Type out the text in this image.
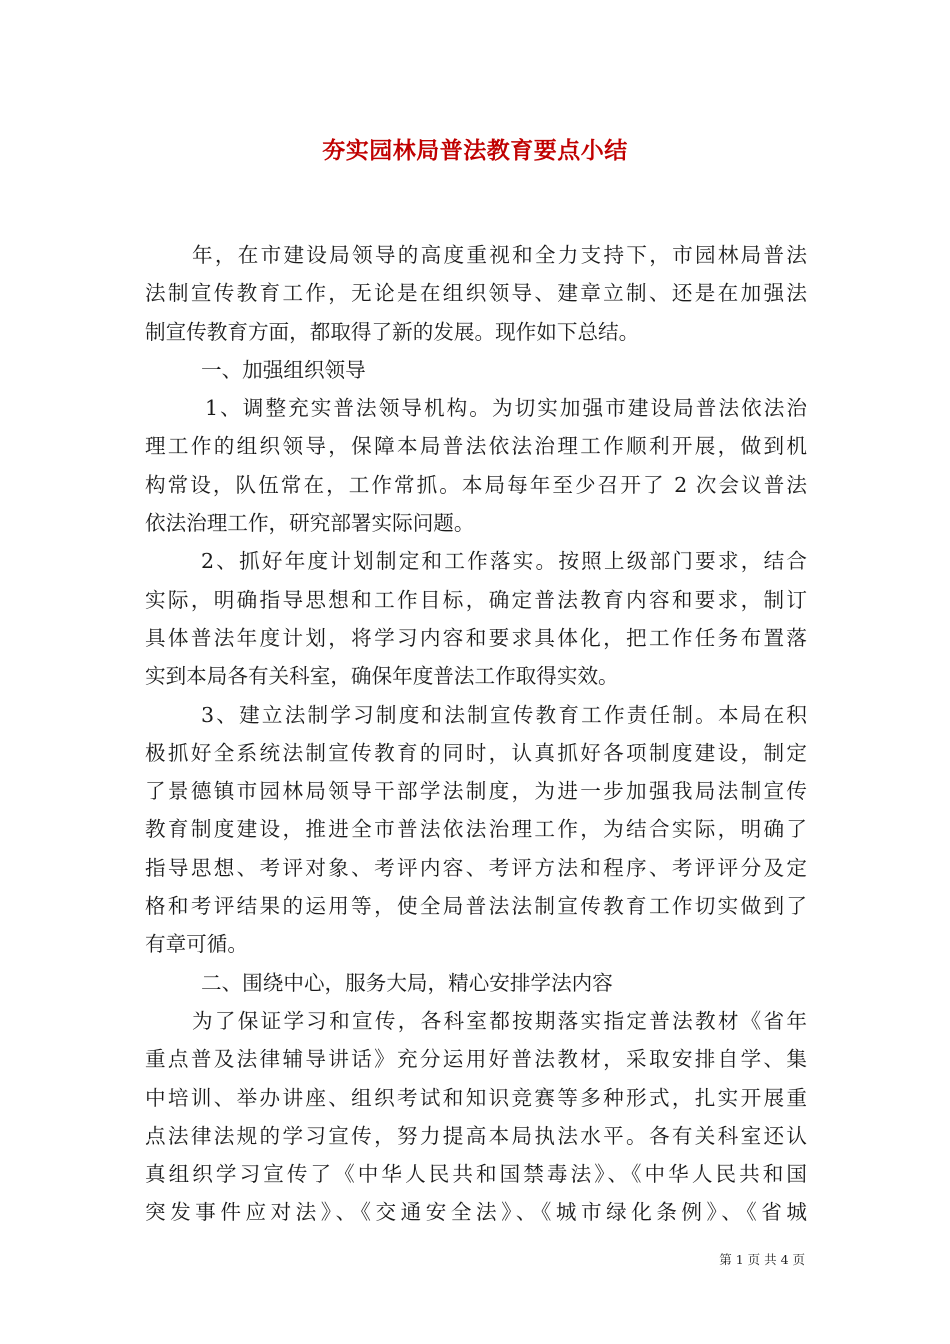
夯实园林局普法教育要点小结
年，在市建设局领导的高度重视和全力支持下，市园林局普法
法制宣传教育工作，无论是在组织领导、建章立制、还是在加强法
制宣传教育方面，都取得了新的发展。现作如下总结。
一、加强组织领导
1、调整充实普法领导机构。为切实加强市建设局普法依法治
理工作的组织领导，保障本局普法依法治理工作顺利开展，做到机
构常设，队伍常在，工作常抓。本局每年至少召开了 2 次会议普法
依法治理工作，研究部署实际问题。
2、抓好年度计划制定和工作落实。按照上级部门要求，结合
实际，明确指导思想和工作目标，确定普法教育内容和要求，制订
具体普法年度计划，将学习内容和要求具体化，把工作任务布置落
实到本局各有关科室，确保年度普法工作取得实效。
3、建立法制学习制度和法制宣传教育工作责任制。本局在积
极抓好全系统法制宣传教育的同时，认真抓好各项制度建设，制定
了景德镇市园林局领导干部学法制度，为进一步加强我局法制宣传
教育制度建设，推进全市普法依法治理工作，为结合实际，明确了
指导思想、考评对象、考评内容、考评方法和程序、考评评分及定
格和考评结果的运用等，使全局普法法制宣传教育工作切实做到了
有章可循。
二、围绕中心，服务大局，精心安排学法内容
为了保证学习和宣传，各科室都按期落实指定普法教材《省年
重点普及法律辅导讲话》充分运用好普法教材，采取安排自学、集
中培训、举办讲座、组织考试和知识竞赛等多种形式，扎实开展重
点法律法规的学习宣传，努力提高本局执法水平。各有关科室还认
真组织学习宣传了《中华人民共和国禁毒法》、《中华人民共和国
突发事件应对法》、《交通安全法》、《城市绿化条例》、《省城
第 1 页 共 4 页
